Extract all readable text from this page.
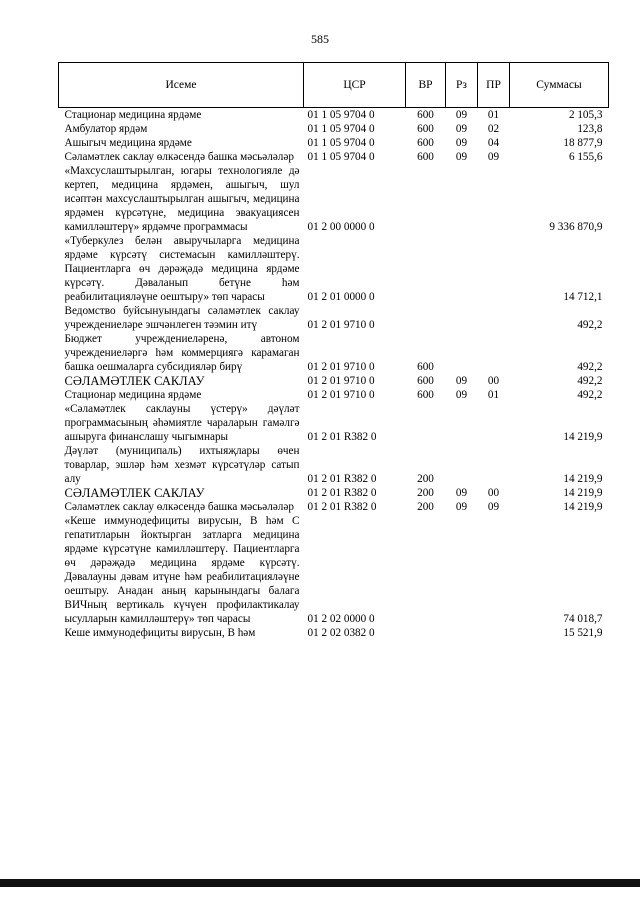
585
Исеме	ЦСР	ВР	Рз	ПР	Суммасы
Стационар медицина ярдәме	01 1 05 9704 0	600	09	01	2 105,3
Амбулатор ярдәм	01 1 05 9704 0	600	09	02	123,8
Ашыгыч медицина ярдәме	01 1 05 9704 0	600	09	04	18 877,9
Сәламәтлек саклау өлкәсендә башка мәсьәләләр	01 1 05 9704 0	600	09	09	6 155,6
«Махсуслаштырылган, югары технологияле дә кертеп, медицина ярдәмен, ашыгыч, шул исәптән махсуслаштырылган ашыгыч, медицина ярдәмен күрсәтүне, медицина эвакуациясен камилләштерү» ярдәмче программасы	01 2 00 0000 0				9 336 870,9
«Туберкулез белән авыручыларга медицина ярдәме күрсәтү системасын камилләштерү. Пациентларга өч дәрәҗәдә медицина ярдәме күрсәтү. Дәваланып бетүне һәм реабилитацияләүне оештыру» төп чарасы	01 2 01 0000 0				14 712,1
Ведомство буйсынуындагы сәламәтлек саклау учреждениеләре эшчәнлеген тәэмин итү	01 2 01 9710 0				492,2
Бюджет учреждениеләренә, автоном учреждениеләргә һәм коммерциягә карамаган башка оешмаларга субсидияләр бирү	01 2 01 9710 0	600			492,2
СӘЛАМӘТЛЕК САКЛАУ	01 2 01 9710 0	600	09	00	492,2
Стационар медицина ярдәме	01 2 01 9710 0	600	09	01	492,2
«Сәламәтлек саклауны үстерү» дәүләт программасының әһәмиятле чараларын гамәлгә ашыруга финанслашу чыгымнары	01 2 01 R382 0				14 219,9
Дәүләт (муниципаль) ихтыяҗлары өчен товарлар, эшләр һәм хезмәт күрсәтүләр сатып алу	01 2 01 R382 0	200			14 219,9
СӘЛАМӘТЛЕК САКЛАУ	01 2 01 R382 0	200	09	00	14 219,9
Сәламәтлек саклау өлкәсендә башка мәсьәләләр	01 2 01 R382 0	200	09	09	14 219,9
«Кеше иммунодефициты вирусын, В һәм С гепатитларын йоктырган затларга медицина ярдәме күрсәтүне камилләштерү. Пациентларга өч дәрәҗәдә медицина ярдәме күрсәтү. Дәвалауны дәвам итүне һәм реабилитацияләүне оештыру. Анадан аның карынындагы балага ВИЧның вертикаль күчүен профилактикалау ысулларын камилләштерү» төп чарасы	01 2 02 0000 0				74 018,7
Кеше иммунодефициты вирусын, В һәм	01 2 02 0382 0				15 521,9
